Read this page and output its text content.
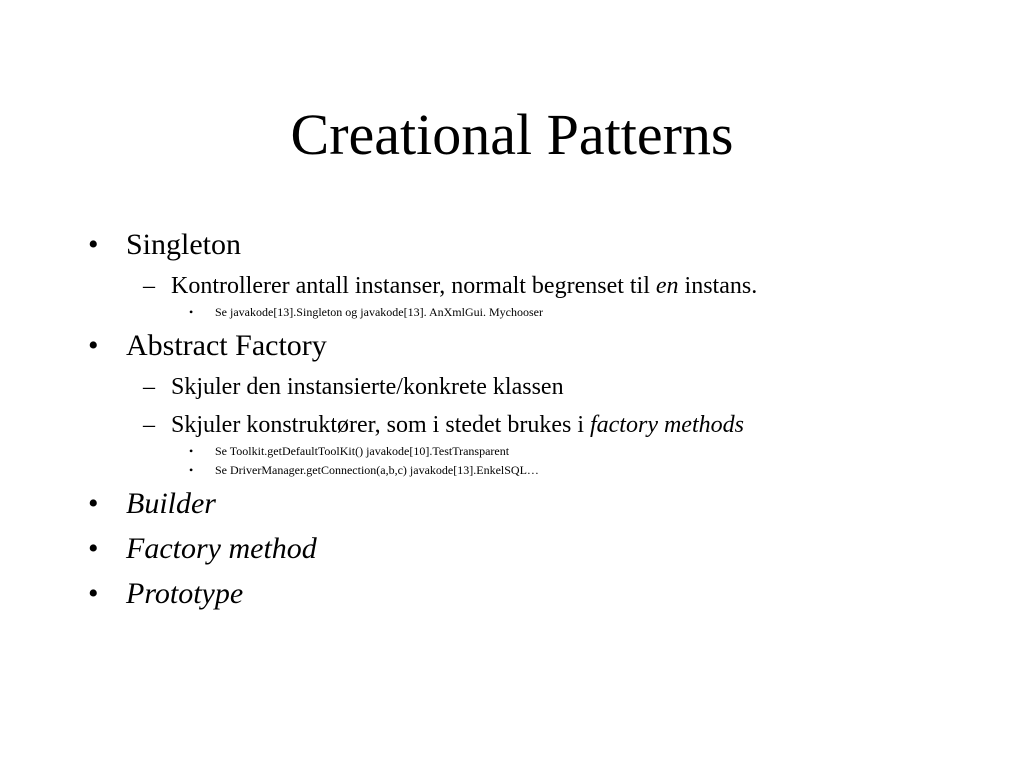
Creational Patterns
• Singleton
– Kontrollerer antall instanser, normalt begrenset til en instans.
• Se javakode[13].Singleton og javakode[13]. AnXmlGui. Mychooser
• Abstract Factory
– Skjuler den instansierte/konkrete klassen
– Skjuler konstruktører, som i stedet brukes i factory methods
• Se Toolkit.getDefaultToolKit() javakode[10].TestTransparent
• Se DriverManager.getConnection(a,b,c) javakode[13].EnkelSQL…
• Builder
• Factory method
• Prototype
